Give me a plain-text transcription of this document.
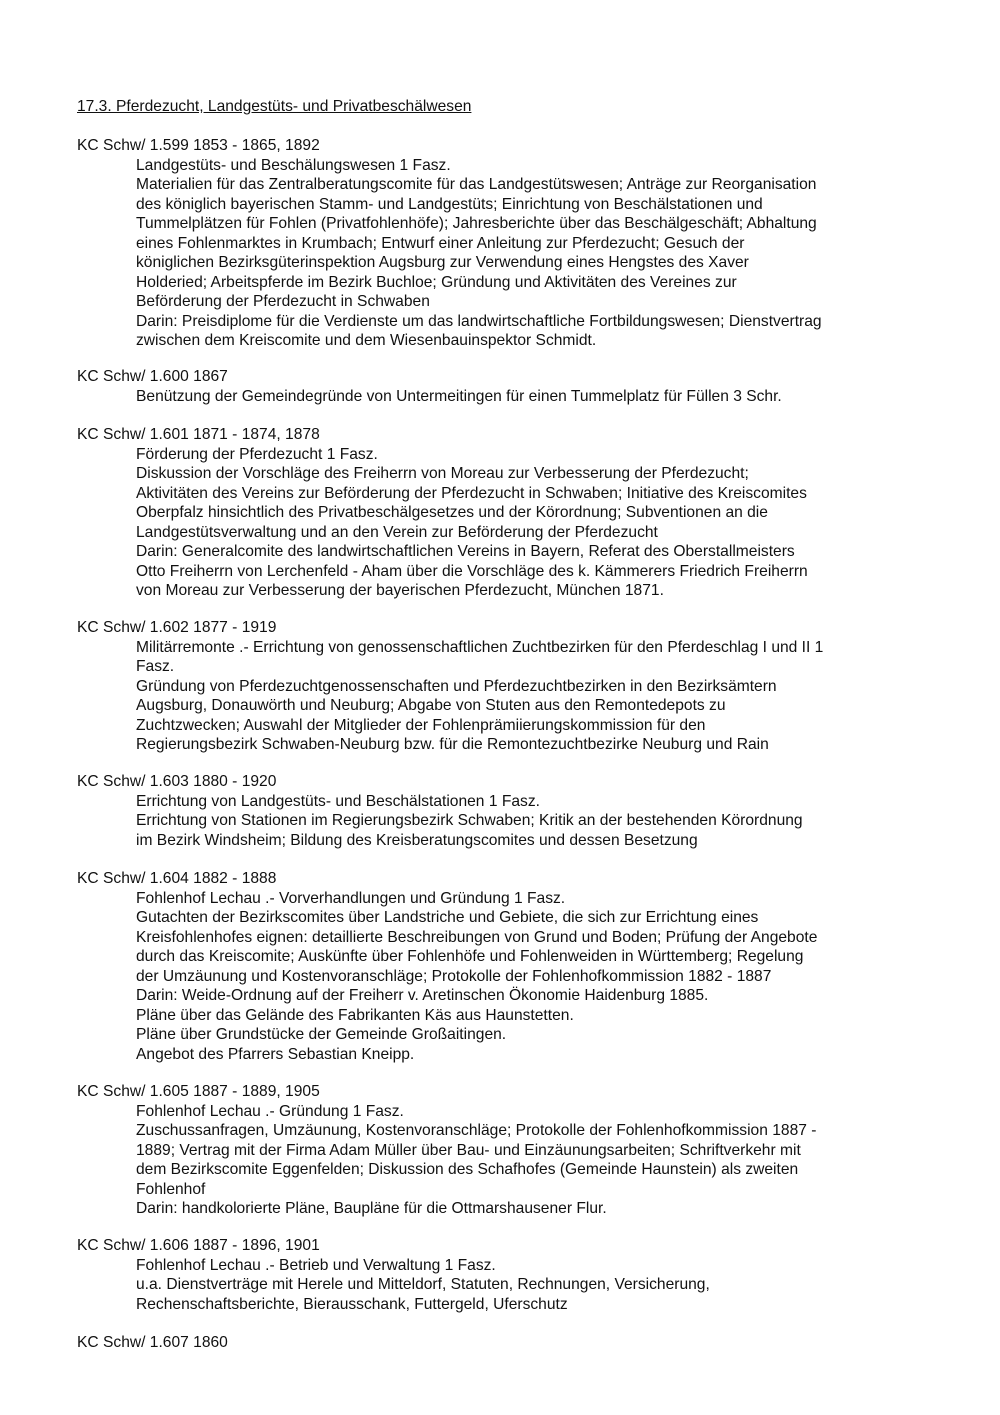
17.3. Pferdezucht, Landgestüts- und Privatbeschälwesen
KC Schw/ 1.599 1853 - 1865, 1892
Landgestüts- und Beschälungswesen 1 Fasz.
Materialien für das Zentralberatungscomite für das Landgestütswesen; Anträge zur Reorganisation
des königlich bayerischen Stamm- und Landgestüts; Einrichtung von Beschälstationen und
Tummelplätzen für Fohlen (Privatfohlenhöfe); Jahresberichte über das Beschälgeschäft; Abhaltung
eines Fohlenmarktes in Krumbach; Entwurf einer Anleitung zur Pferdezucht; Gesuch der
königlichen Bezirksgüterinspektion Augsburg zur Verwendung eines Hengstes des Xaver
Holderied; Arbeitspferde im Bezirk Buchloe; Gründung und Aktivitäten des Vereines zur
Beförderung der Pferdezucht in Schwaben
Darin: Preisdiplome für die Verdienste um das landwirtschaftliche Fortbildungswesen; Dienstvertrag
zwischen dem Kreiscomite und dem Wiesenbauinspektor Schmidt.
KC Schw/ 1.600 1867
Benützung der Gemeindegründe von Untermeitingen für einen Tummelplatz für Füllen 3 Schr.
KC Schw/ 1.601 1871 - 1874, 1878
Förderung der Pferdezucht 1 Fasz.
Diskussion der Vorschläge des Freiherrn von Moreau zur Verbesserung der Pferdezucht;
Aktivitäten des Vereins zur Beförderung der Pferdezucht in Schwaben; Initiative des Kreiscomites
Oberpfalz hinsichtlich des Privatbeschälgesetzes und der Körordnung; Subventionen an die
Landgestütsverwaltung und an den Verein zur Beförderung der Pferdezucht
Darin: Generalcomite des landwirtschaftlichen Vereins in Bayern, Referat des Oberstallmeisters
Otto Freiherrn von Lerchenfeld - Aham über die Vorschläge des k. Kämmerers Friedrich Freiherrn
von Moreau zur Verbesserung der bayerischen Pferdezucht, München 1871.
KC Schw/ 1.602 1877 - 1919
Militärremonte .- Errichtung von genossenschaftlichen Zuchtbezirken für den Pferdeschlag I und II 1
Fasz.
Gründung von Pferdezuchtgenossenschaften und Pferdezuchtbezirken in den Bezirksämtern
Augsburg, Donauwörth und Neuburg; Abgabe von Stuten aus den Remontedepots zu
Zuchtzwecken; Auswahl der Mitglieder der Fohlenprämiierungskommission für den
Regierungsbezirk Schwaben-Neuburg bzw. für die Remontezuchtbezirke Neuburg und Rain
KC Schw/ 1.603 1880 - 1920
Errichtung von Landgestüts- und Beschälstationen 1 Fasz.
Errichtung von Stationen im Regierungsbezirk Schwaben; Kritik an der bestehenden Körordnung
im Bezirk Windsheim; Bildung des Kreisberatungscomites und dessen Besetzung
KC Schw/ 1.604 1882 - 1888
Fohlenhof Lechau .- Vorverhandlungen und Gründung 1 Fasz.
Gutachten der Bezirkscomites über Landstriche und Gebiete, die sich zur Errichtung eines
Kreisfohlenhofes eignen: detaillierte Beschreibungen von Grund und Boden; Prüfung der Angebote
durch das Kreiscomite; Auskünfte über Fohlenhöfe und Fohlenweiden in Württemberg; Regelung
der Umzäunung und Kostenvoranschläge; Protokolle der Fohlenhofkommission 1882 - 1887
Darin: Weide-Ordnung auf der Freiherr v. Aretinschen Ökonomie Haidenburg 1885.
Pläne über das Gelände des Fabrikanten Käs aus Haunstetten.
Pläne über Grundstücke der Gemeinde Großaitingen.
Angebot des Pfarrers Sebastian Kneipp.
KC Schw/ 1.605 1887 - 1889, 1905
Fohlenhof Lechau .- Gründung 1 Fasz.
Zuschussanfragen, Umzäunung, Kostenvoranschläge; Protokolle der Fohlenhofkommission 1887 -
1889; Vertrag mit der Firma Adam Müller über Bau- und Einzäunungsarbeiten; Schriftverkehr mit
dem Bezirkscomite Eggenfelden; Diskussion des Schafhofes (Gemeinde Haunstein) als zweiten
Fohlenhof
Darin: handkolorierte Pläne, Baupläne für die Ottmarshausener Flur.
KC Schw/ 1.606 1887 - 1896, 1901
Fohlenhof Lechau .- Betrieb und Verwaltung 1 Fasz.
u.a. Dienstverträge mit Herele und Mitteldorf, Statuten, Rechnungen, Versicherung,
Rechenschaftsberichte, Bierausschank, Futtergeld, Uferschutz
KC Schw/ 1.607 1860
